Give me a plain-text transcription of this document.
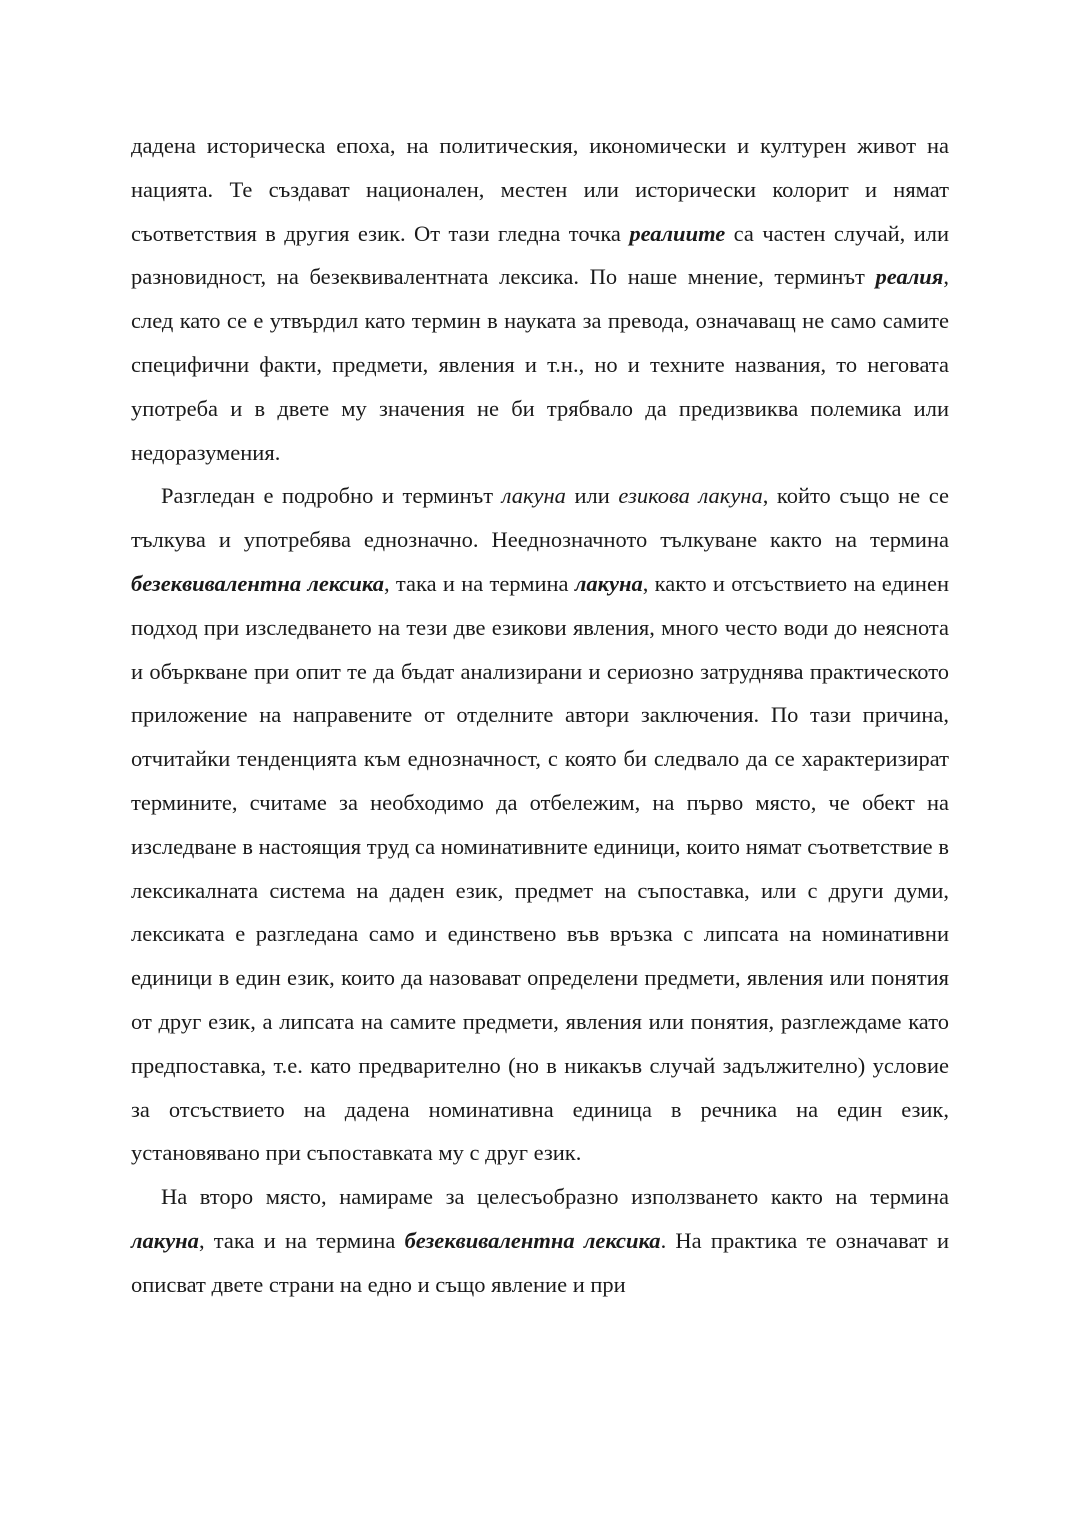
дадена историческа епоха, на политическия, икономически и културен живот на нацията. Те създават национален, местен или исторически колорит и нямат съответствия в другия език. От тази гледна точка реалиите са частен случай, или разновидност, на безеквивалентната лексика. По наше мнение, терминът реалия, след като се е утвърдил като термин в науката за превода, означаващ не само самите специфични факти, предмети, явления и т.н., но и техните названия, то неговата употреба и в двете му значения не би трябвало да предизвиква полемика или недоразумения.

Разгледан е подробно и терминът лакуна или езикова лакуна, който също не се тълкува и употребява еднозначно. Нееднозначното тълкуване както на термина безеквивалентна лексика, така и на термина лакуна, както и отсъствието на единен подход при изследването на тези две езикови явления, много често води до неяснота и объркване при опит те да бъдат анализирани и сериозно затруднява практическото приложение на направените от отделните автори заключения. По тази причина, отчитайки тенденцията към еднозначност, с която би следвало да се характеризират термините, считаме за необходимо да отбележим, на първо място, че обект на изследване в настоящия труд са номинативните единици, които нямат съответствие в лексикалната система на даден език, предмет на съпоставка, или с други думи, лексиката е разгледана само и единствено във връзка с липсата на номинативни единици в един език, които да назовават определени предмети, явления или понятия от друг език, а липсата на самите предмети, явления или понятия, разглеждаме като предпоставка, т.е. като предварително (но в никакъв случай задължително) условие за отсъствието на дадена номинативна единица в речника на един език, установявано при съпоставката му с друг език.

На второ място, намираме за целесъобразно използването както на термина лакуна, така и на термина безеквивалентна лексика. На практика те означават и описват двете страни на едно и също явление и при
